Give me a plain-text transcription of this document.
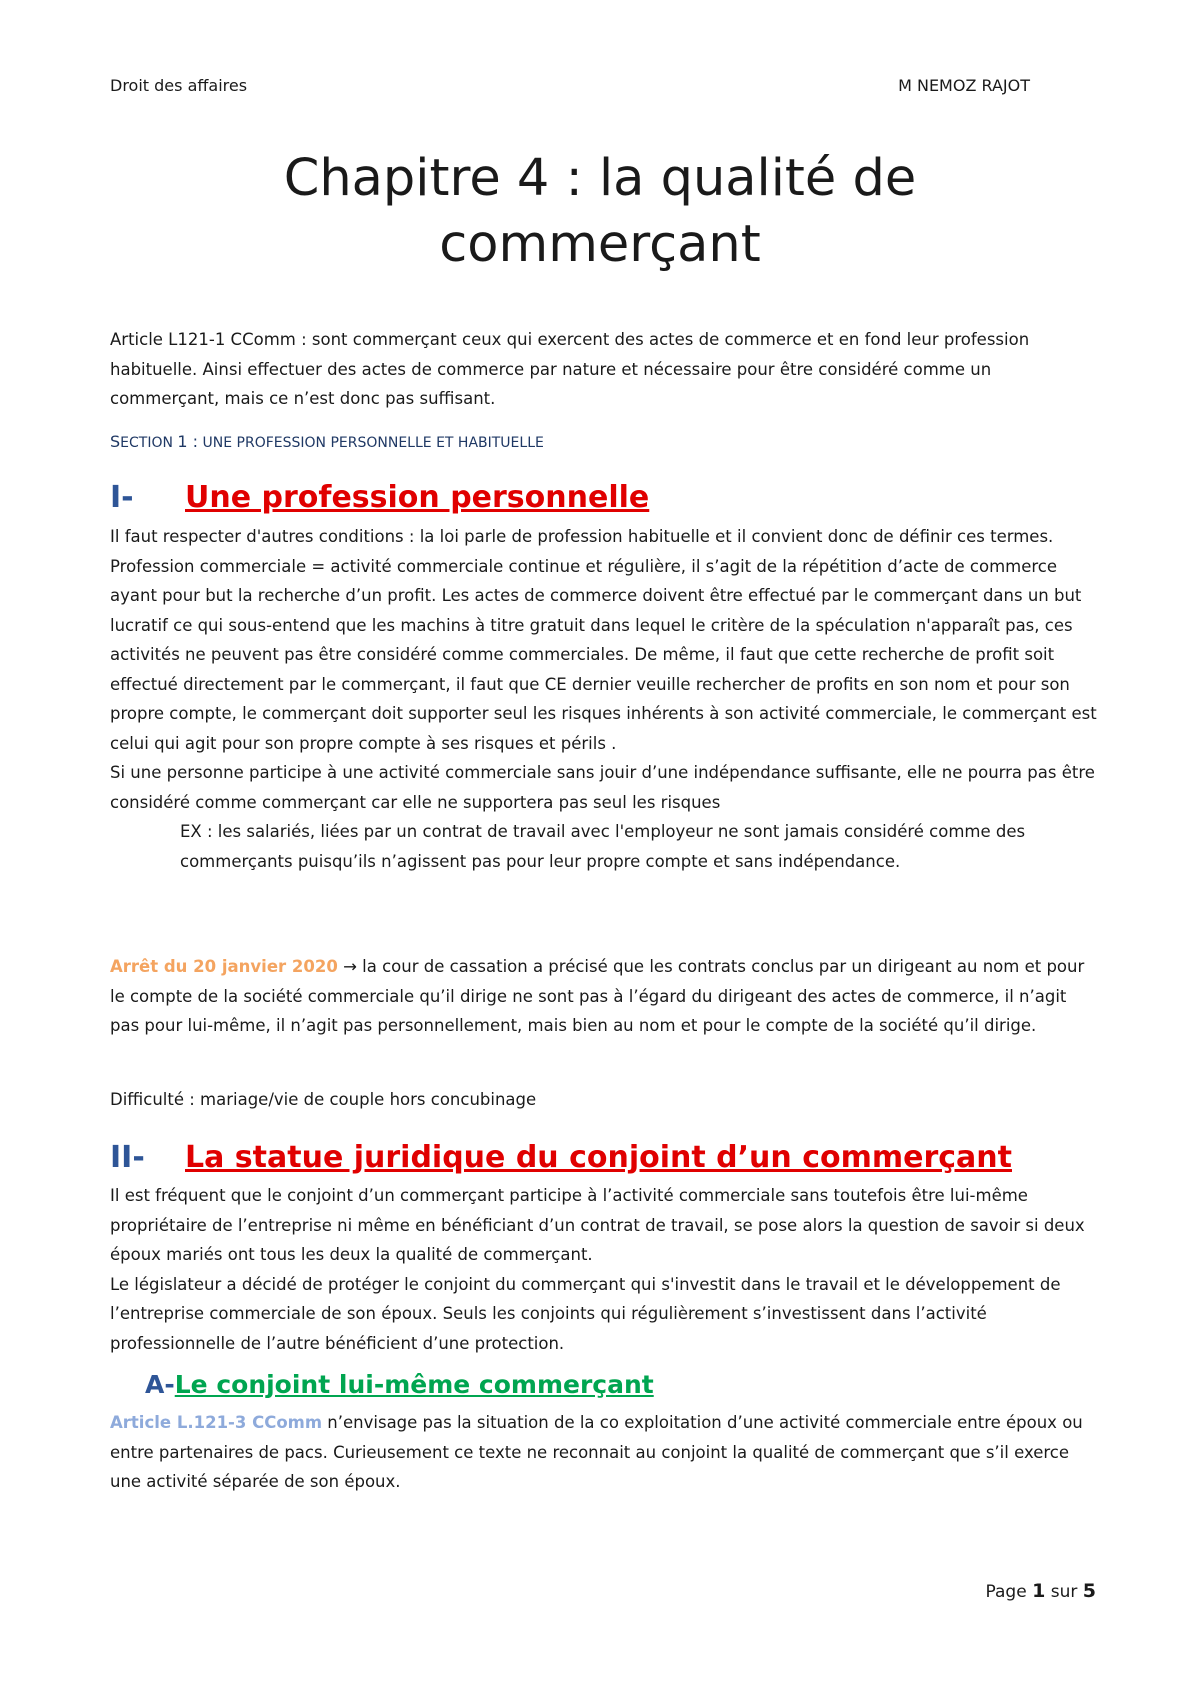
Droit des affaires	M NEMOZ RAJOT
Chapitre 4 : la qualité de
commerçant

Article L121-1 CComm : sont commerçant ceux qui exercent des actes de commerce et en fond leur profession habituelle. Ainsi effectuer des actes de commerce par nature et nécessaire pour être considéré comme un commerçant, mais ce n’est donc pas suffisant.

SECTION 1 : UNE PROFESSION PERSONNELLE ET HABITUELLE
I-	Une profession personnelle

Il faut respecter d'autres conditions : la loi parle de profession habituelle et il convient donc de définir ces termes.

Profession commerciale = activité commerciale continue et régulière, il s’agit de la répétition d’acte de commerce ayant pour but la recherche d’un profit. Les actes de commerce doivent être effectué par le commerçant dans un but lucratif ce qui sous-entend que les machins à titre gratuit dans lequel le critère de la spéculation n'apparaît pas, ces activités ne peuvent pas être considéré comme commerciales. De même, il faut que cette recherche de profit soit effectué directement par le commerçant, il faut que CE dernier veuille rechercher de profits en son nom et pour son propre compte, le commerçant doit supporter seul les risques inhérents à son activité commerciale, le commerçant est celui qui agit pour son propre compte à ses risques et périls .

Si une personne participe à une activité commerciale sans jouir d’une indépendance suffisante, elle ne pourra pas être considéré comme commerçant car elle ne supportera pas seul les risques

EX : les salariés, liées par un contrat de travail avec l'employeur ne sont jamais considéré comme des commerçants puisqu’ils n’agissent pas pour leur propre compte et sans indépendance.

Arrêt du 20 janvier 2020 → la cour de cassation a précisé que les contrats conclus par un dirigeant au nom et pour le compte de la société commerciale qu’il dirige ne sont pas à l’égard du dirigeant des actes de commerce, il n’agit pas pour lui-même, il n’agit pas personnellement, mais bien au nom et pour le compte de la société qu’il dirige.

Difficulté : mariage/vie de couple hors concubinage

II-	La statue juridique du conjoint d’un commerçant

Il est fréquent que le conjoint d’un commerçant participe à l’activité commerciale sans toutefois être lui-même propriétaire de l’entreprise ni même en bénéficiant d’un contrat de travail, se pose alors la question de savoir si deux époux mariés ont tous les deux la qualité de commerçant.

Le législateur a décidé de protéger le conjoint du commerçant qui s'investit dans le travail et le développement de l’entreprise commerciale de son époux. Seuls les conjoints qui régulièrement s’investissent dans l’activité professionnelle de l’autre bénéficient d’une protection.

A- Le conjoint lui-même commerçant

Article L.121-3 CComm n’envisage pas la situation de la co exploitation d’une activité commerciale entre époux ou entre partenaires de pacs. Curieusement ce texte ne reconnait au conjoint la qualité de commerçant que s’il exerce une activité séparée de son époux.

Page 1 sur 5
